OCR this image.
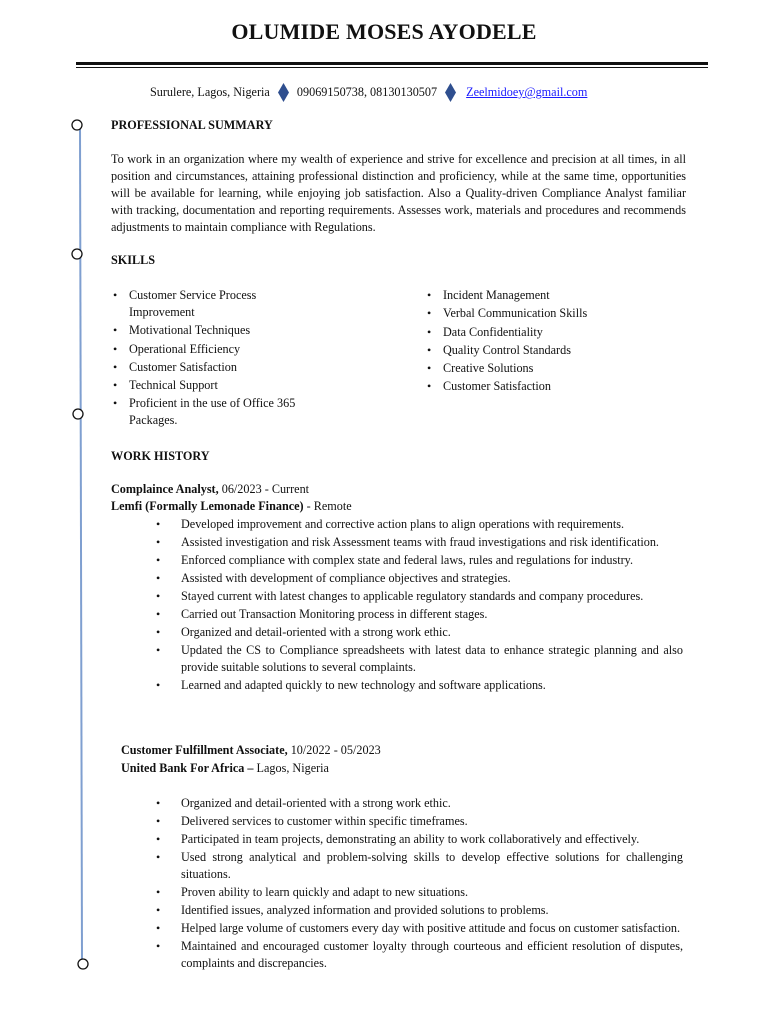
OLUMIDE MOSES AYODELE
Surulere, Lagos, Nigeria 09069150738, 08130130507 Zeelmidoey@gmail.com
PROFESSIONAL SUMMARY
To work in an organization where my wealth of experience and strive for excellence and precision at all times, in all position and circumstances, attaining professional distinction and proficiency, while at the same time, opportunities will be available for learning, while enjoying job satisfaction. Also a Quality-driven Compliance Analyst familiar with tracking, documentation and reporting requirements. Assesses work, materials and procedures and recommends adjustments to maintain compliance with Regulations.
SKILLS
• Customer Service Process Improvement
• Motivational Techniques
• Operational Efficiency
• Customer Satisfaction
• Technical Support
• Proficient in the use of Office 365 Packages.
• Incident Management
• Verbal Communication Skills
• Data Confidentiality
• Quality Control Standards
• Creative Solutions
• Customer Satisfaction
WORK HISTORY
Complaince Analyst, 06/2023 - Current
Lemfi (Formally Lemonade Finance) - Remote
• Developed improvement and corrective action plans to align operations with requirements.
• Assisted investigation and risk Assessment teams with fraud investigations and risk identification.
• Enforced compliance with complex state and federal laws, rules and regulations for industry.
• Assisted with development of compliance objectives and strategies.
• Stayed current with latest changes to applicable regulatory standards and company procedures.
• Carried out Transaction Monitoring process in different stages.
• Organized and detail-oriented with a strong work ethic.
• Updated the CS to Compliance spreadsheets with latest data to enhance strategic planning and also provide suitable solutions to several complaints.
• Learned and adapted quickly to new technology and software applications.
Customer Fulfillment Associate, 10/2022 - 05/2023
United Bank For Africa – Lagos, Nigeria
• Organized and detail-oriented with a strong work ethic.
• Delivered services to customer within specific timeframes.
• Participated in team projects, demonstrating an ability to work collaboratively and effectively.
• Used strong analytical and problem-solving skills to develop effective solutions for challenging situations.
• Proven ability to learn quickly and adapt to new situations.
• Identified issues, analyzed information and provided solutions to problems.
• Helped large volume of customers every day with positive attitude and focus on customer satisfaction.
• Maintained and encouraged customer loyalty through courteous and efficient resolution of disputes, complaints and discrepancies.
